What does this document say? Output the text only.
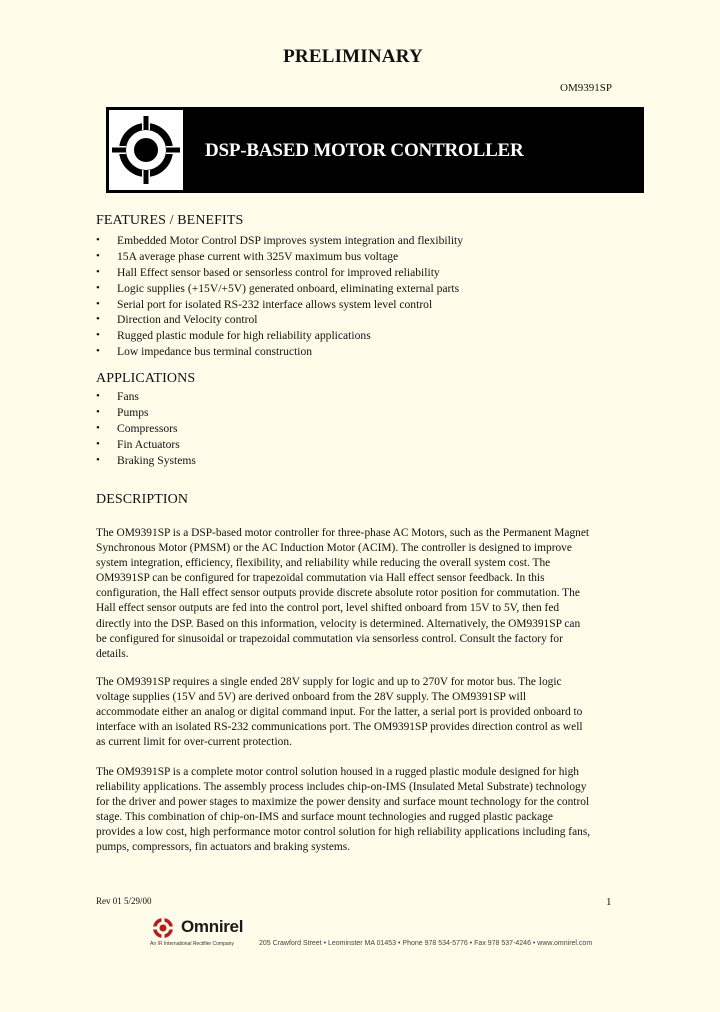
PRELIMINARY
OM9391SP
DSP-BASED MOTOR CONTROLLER
FEATURES / BENEFITS
• Embedded Motor Control DSP improves system integration and flexibility
• 15A average phase current with 325V maximum bus voltage
• Hall Effect sensor based or sensorless control for improved reliability
• Logic supplies (+15V/+5V) generated onboard, eliminating external parts
• Serial port for isolated RS-232 interface allows system level control
• Direction and Velocity control
• Rugged plastic module for high reliability applications
• Low impedance bus terminal construction
APPLICATIONS
• Fans
• Pumps
• Compressors
• Fin Actuators
• Braking Systems
DESCRIPTION
The OM9391SP is a DSP-based motor controller for three-phase AC Motors, such as the Permanent Magnet
Synchronous Motor (PMSM) or the AC Induction Motor (ACIM). The controller is designed to improve
system integration, efficiency, flexibility, and reliability while reducing the overall system cost. The
OM9391SP can be configured for trapezoidal commutation via Hall effect sensor feedback. In this
configuration, the Hall effect sensor outputs provide discrete absolute rotor position for commutation. The
Hall effect sensor outputs are fed into the control port, level shifted onboard from 15V to 5V, then fed
directly into the DSP. Based on this information, velocity is determined. Alternatively, the OM9391SP can
be configured for sinusoidal or trapezoidal commutation via sensorless control. Consult the factory for
details.
The OM9391SP requires a single ended 28V supply for logic and up to 270V for motor bus. The logic
voltage supplies (15V and 5V) are derived onboard from the 28V supply. The OM9391SP will
accommodate either an analog or digital command input. For the latter, a serial port is provided onboard to
interface with an isolated RS-232 communications port. The OM9391SP provides direction control as well
as current limit for over-current protection.
The OM9391SP is a complete motor control solution housed in a rugged plastic module designed for high
reliability applications. The assembly process includes chip-on-IMS (Insulated Metal Substrate) technology
for the driver and power stages to maximize the power density and surface mount technology for the control
stage. This combination of chip-on-IMS and surface mount technologies and rugged plastic package
provides a low cost, high performance motor control solution for high reliability applications including fans,
pumps, compressors, fin actuators and braking systems.
Rev 01 5/29/00	1
Omnirel
An IR International Rectifier Company	205 Crawford Street • Leominster MA 01453 • Phone 978 534-5776 • Fax 978 537-4246 • www.omnirel.com
